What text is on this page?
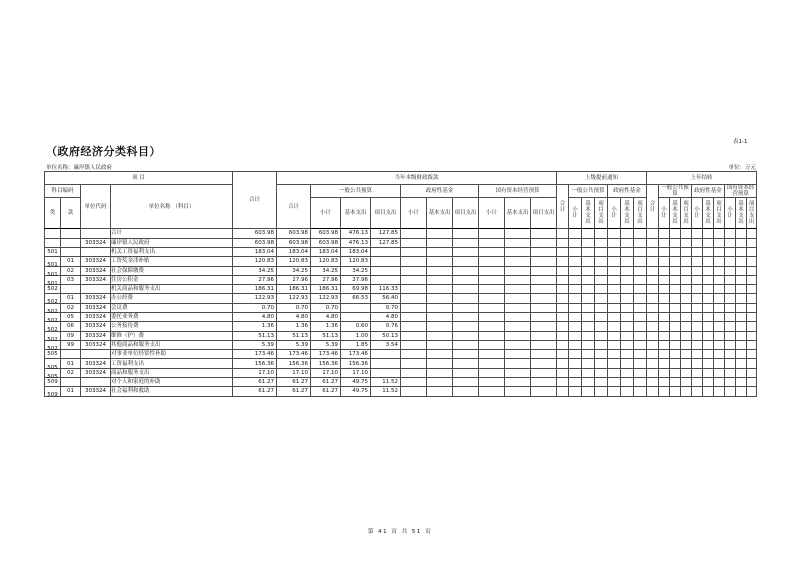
表1-1
（政府经济分类科目）
单位名称：廉岸镇人民政府	单位：万元
项 目				合计	当年本级财政拨款										上级提前通知							上年结转									
科目编码		单位代码	单位名称 （科目）		合计	一般公共预算			政府性基金			国有资本经营预算			合计	一般公共预算			政府性基金			合计	一般公共预算			政府性基金			国有资本经营预算		
类	款					小计	基本支出	项目支出	小计	基本支出	项目支出	小计	基本支出	项目支出		小计	基本支出	项目支出	小计	基本支出	项目支出		小计	基本支出	项目支出	小计	基本支出	项目支出	小计	基本支出	项目支出
			合计	603.98	603.98	603.98	476.13	127.85																							
		303324	廉岸镇人民政府	603.98	603.98	603.98	476.13	127.85																							
501			机关工资福利支出	183.04	183.04	183.04	183.04																								
501	01	303324	工资奖金津补贴	120.83	120.83	120.83	120.83																								
501	02	303324	社会保障缴费	34.25	34.25	34.25	34.25																								
501	03	303324	住房公积金	27.96	27.96	27.96	27.96																								
502			机关商品和服务支出	186.31	186.31	186.31	69.98	116.33																							
502	01	303324	办公经费	122.93	122.93	122.93	66.53	56.40																							
502	02	303324	会议费	0.70	0.70	0.70		0.70																							
502	05	303324	委托业务费	4.80	4.80	4.80		4.80																							
502	06	303324	公务接待费	1.36	1.36	1.36	0.60	0.76																							
502	09	303324	维修（护）费	51.13	51.13	51.13	1.00	50.13																							
502	99	303324	其他商品和服务支出	5.39	5.39	5.39	1.85	3.54																							
505			对事业单位经常性补助	173.46	173.46	173.46	173.46																								
505	01	303324	工资福利支出	156.36	156.36	156.36	156.36																								
505	02	303324	商品和服务支出	17.10	17.10	17.10	17.10																								
509			对个人和家庭的补助	61.27	61.27	61.27	49.75	11.52																							
509	01	303324	社会福利和救助	61.27	61.27	61.27	49.75	11.52																							
第 41 页 共 51 页
